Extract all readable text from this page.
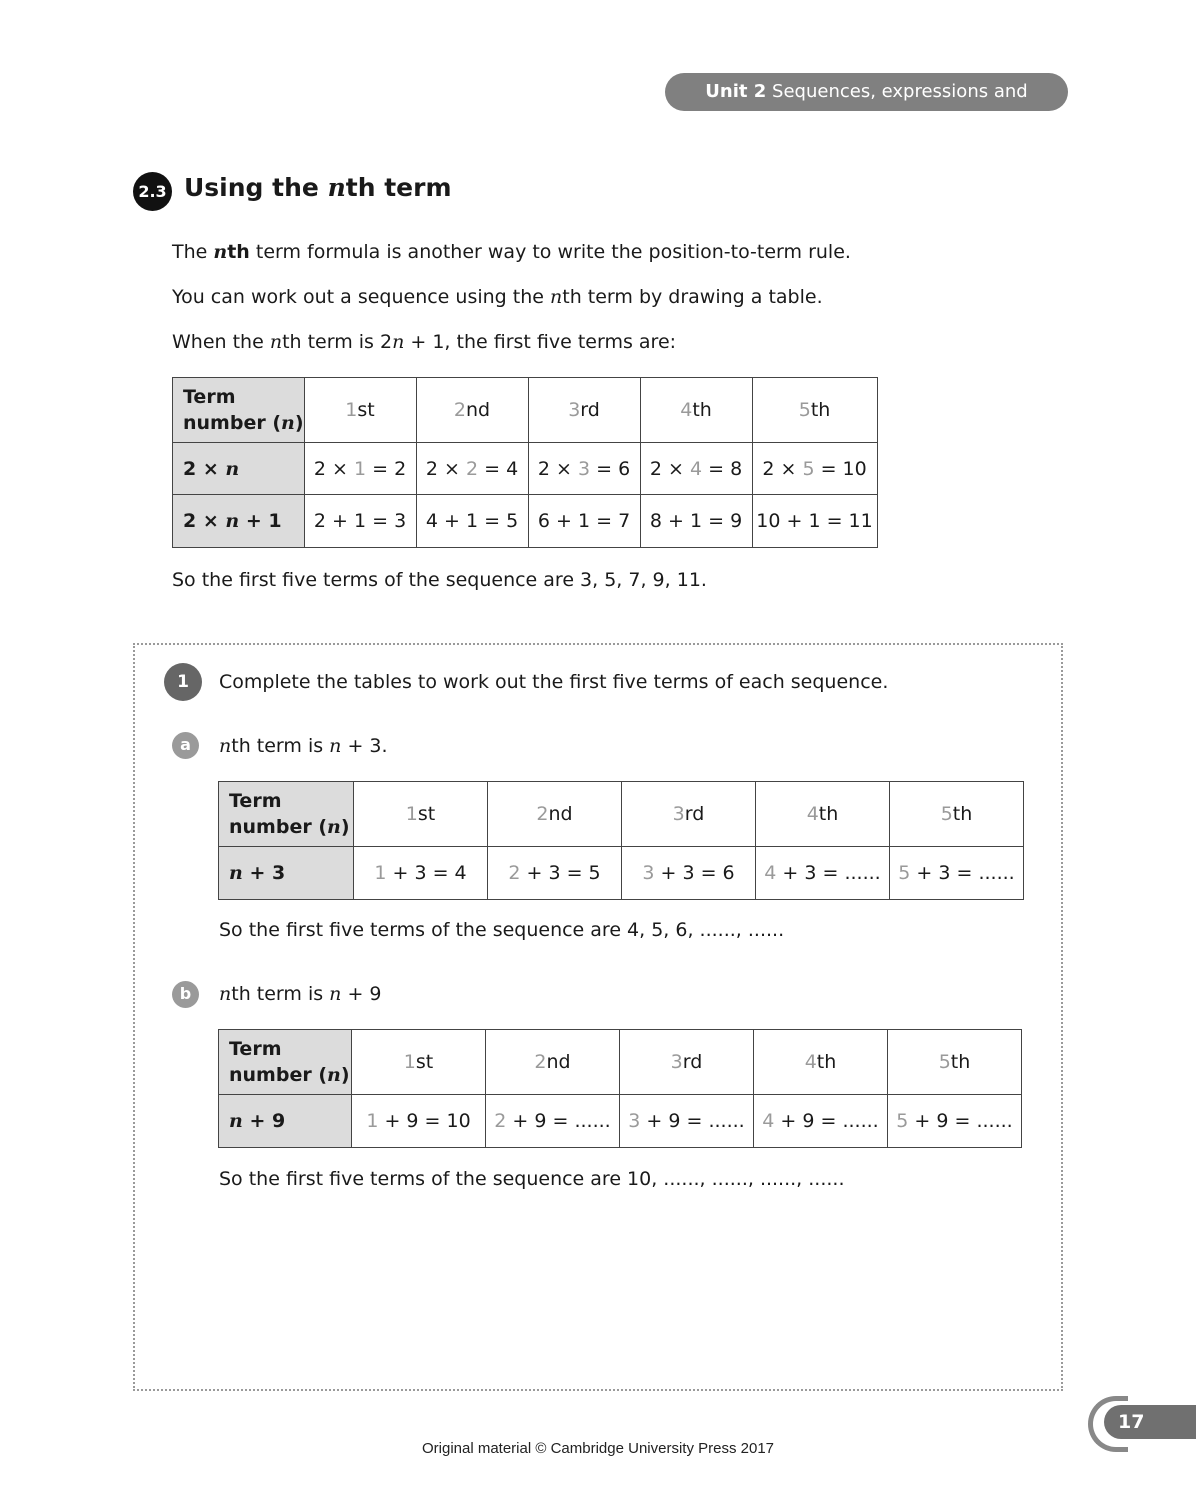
Unit 2 Sequences, expressions and formulae
2.3 Using the nth term
The nth term formula is another way to write the position-to-term rule.
You can work out a sequence using the nth term by drawing a table.
When the nth term is 2n + 1, the first five terms are:
Term
number (n)	1st	2nd	3rd	4th	5th
2 × n	2 × 1 = 2	2 × 2 = 4	2 × 3 = 6	2 × 4 = 8	2 × 5 = 10
2 × n + 1	2 + 1 = 3	4 + 1 = 5	6 + 1 = 7	8 + 1 = 9	10 + 1 = 11
So the first five terms of the sequence are 3, 5, 7, 9, 11.
1	Complete the tables to work out the first five terms of each sequence.
a	nth term is n + 3.
Term
number (n)	1st	2nd	3rd	4th	5th
n + 3	1 + 3 = 4	2 + 3 = 5	3 + 3 = 6	4 + 3 = ......	5 + 3 = ......
So the first five terms of the sequence are 4, 5, 6, ......, ......
b	nth term is n + 9
Term
number (n)	1st	2nd	3rd	4th	5th
n + 9	1 + 9 = 10	2 + 9 = ......	3 + 9 = ......	4 + 9 = ......	5 + 9 = ......
So the first five terms of the sequence are 10, ......, ......, ......, ......
17
Original material © Cambridge University Press 2017
